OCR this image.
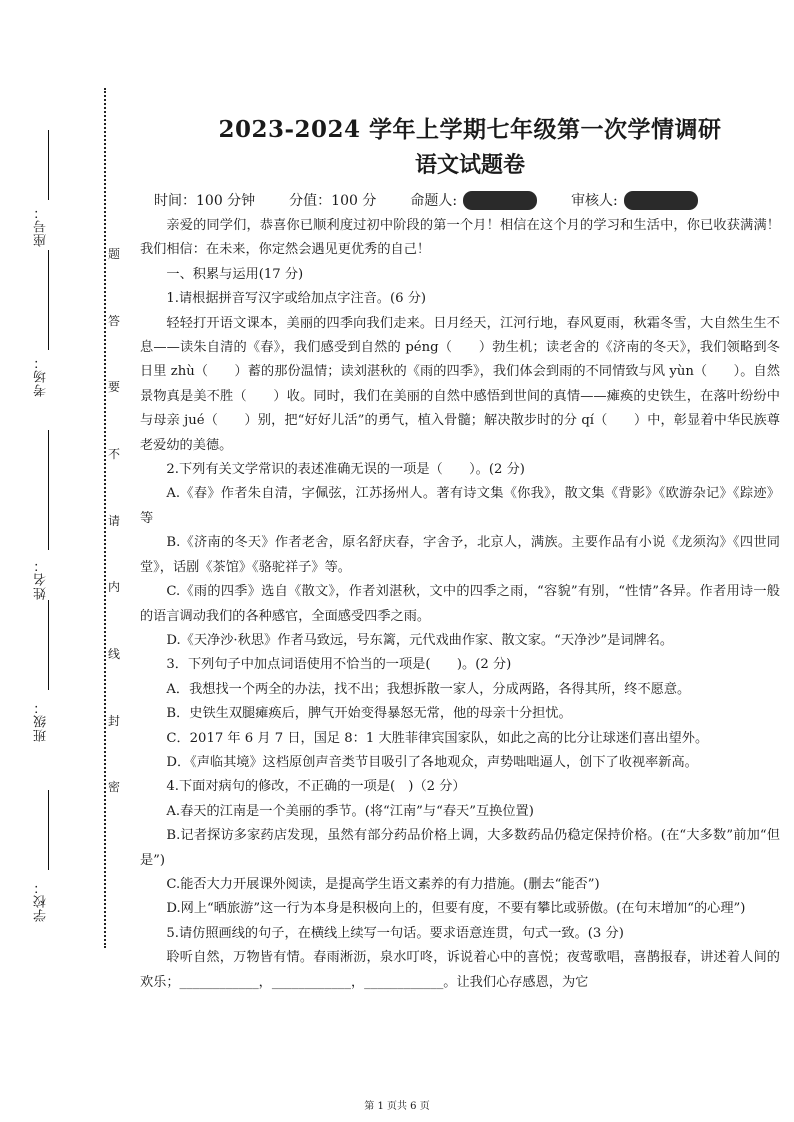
座号：
考场：
姓名：
班级：
学校：
题
答
要
不
请
内
线
封
密
2023-2024 学年上学期七年级第一次学情调研
语文试题卷
时间：100 分钟 分值：100 分 命题人:	审核人:

亲爱的同学们，恭喜你已顺利度过初中阶段的第一个月！相信在这个月的学习和生活中，你已收获满满！我们相信：在未来，你定然会遇见更优秀的自己！

一、积累与运用(17 分)

1.请根据拼音写汉字或给加点字注音。(6 分)

轻轻打开语文课本，美丽的四季向我们走来。日月经天，江河行地，春风夏雨，秋霜冬雪，大自然生生不息——读朱自清的《春》，我们感受到自然的 péng（　　）勃生机；读老舍的《济南的冬天》，我们领略到冬日里 zhù（　　）蓄的那份温情；读刘湛秋的《雨的四季》，我们体会到雨的不同情致与风 yùn（　　）。自然景物真是美不胜（　　）收。同时，我们在美丽的自然中感悟到世间的真情——瘫痪的史铁生，在落叶纷纷中与母亲 jué（　　）别，把“好好儿活”的勇气，植入骨髓；解决散步时的分 qí（　　）中，彰显着中华民族尊老爱幼的美德。

2.下列有关文学常识的表述准确无误的一项是（　　）。(2 分)

A.《春》作者朱自清，字佩弦，江苏扬州人。著有诗文集《你我》，散文集《背影》《欧游杂记》《踪迹》等

B.《济南的冬天》作者老舍，原名舒庆春，字舍予，北京人，满族。主要作品有小说《龙须沟》《四世同堂》，话剧《茶馆》《骆驼祥子》等。

C.《雨的四季》选自《散文》，作者刘湛秋，文中的四季之雨，“容貌”有别，“性情”各异。作者用诗一般的语言调动我们的各种感官，全面感受四季之雨。

D.《天净沙·秋思》作者马致远，号东篱，元代戏曲作家、散文家。“天净沙”是词牌名。

3．下列句子中加点词语使用不恰当的一项是(　　)。(2 分)

A．我想找一个两全的办法，找不出；我想拆散一家人，分成两路，各得其所，终不愿意。

B．史铁生双腿瘫痪后，脾气开始变得暴怒无常，他的母亲十分担忧。

C．2017 年 6 月 7 日，国足 8：1 大胜菲律宾国家队，如此之高的比分让球迷们喜出望外。

D．《声临其境》这档原创声音类节目吸引了各地观众，声势咄咄逼人，创下了收视率新高。

4.下面对病句的修改，不正确的一项是(　)（2 分）

A.春天的江南是一个美丽的季节。(将“江南”与“春天”互换位置)

B.记者探访多家药店发现，虽然有部分药品价格上调，大多数药品仍稳定保持价格。(在“大多数”前加“但是”)

C.能否大力开展课外阅读，是提高学生语文素养的有力措施。(删去“能否”)

D.网上“晒旅游”这一行为本身是积极向上的，但要有度，不要有攀比或骄傲。(在句末增加“的心理”)

5.请仿照画线的句子，在横线上续写一句话。要求语意连贯，句式一致。(3 分)

聆听自然，万物皆有情。春雨淅沥，泉水叮咚，诉说着心中的喜悦；夜莺歌唱，喜鹊报春，讲述着人间的欢乐；____________，____________，____________。让我们心存感恩，为它

第 1 页共 6 页
